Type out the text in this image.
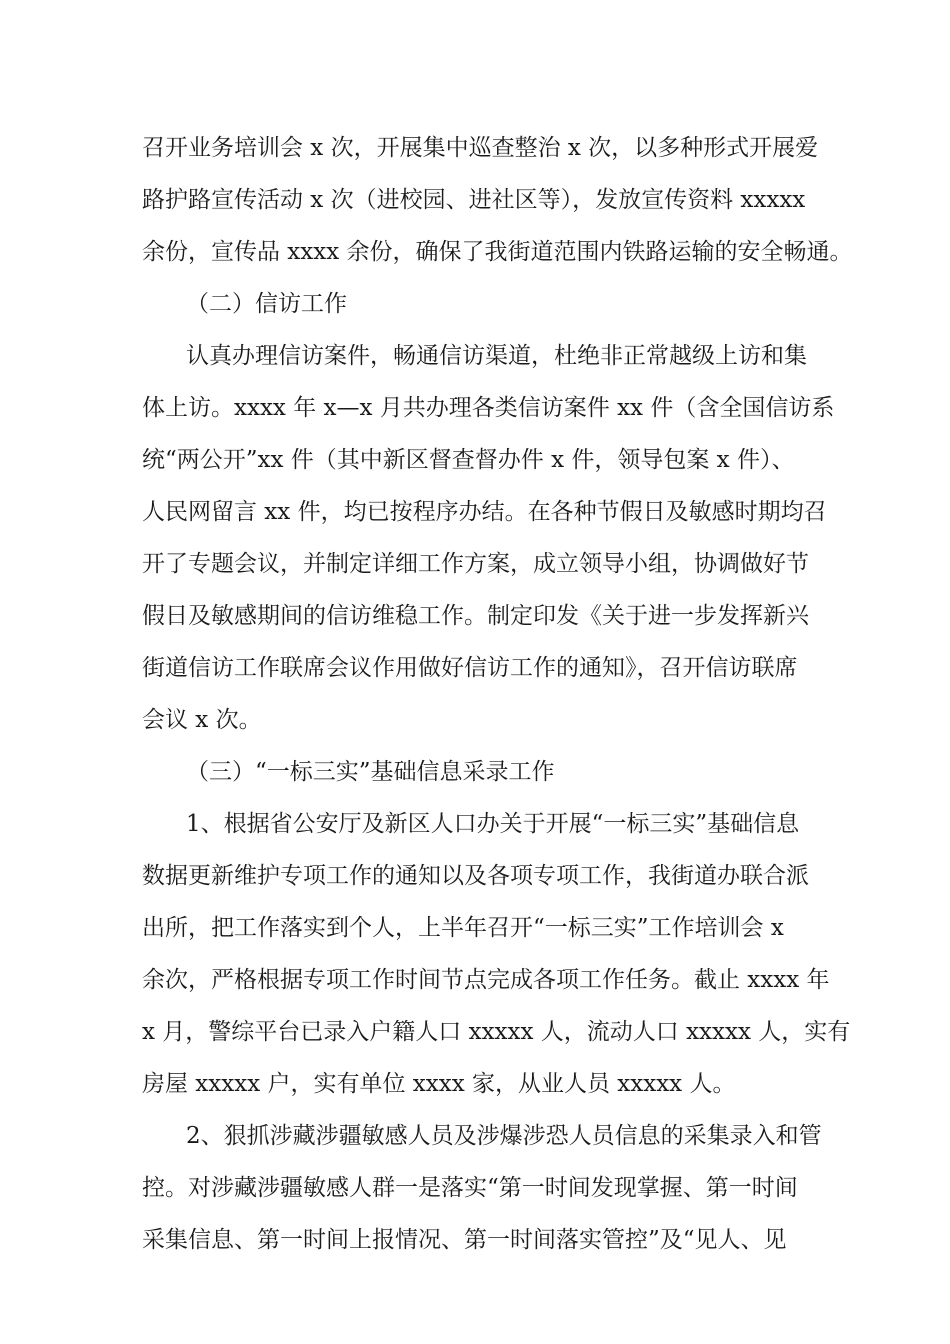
召开业务培训会 x 次，开展集中巡查整治 x 次，以多种形式开展爱
路护路宣传活动 x 次（进校园、进社区等），发放宣传资料 xxxxx
余份，宣传品 xxxx 余份，确保了我街道范围内铁路运输的安全畅通。
（二）信访工作
认真办理信访案件，畅通信访渠道，杜绝非正常越级上访和集
体上访。xxxx 年 x—x 月共办理各类信访案件 xx 件（含全国信访系
统“两公开”xx 件（其中新区督查督办件 x 件，领导包案 x 件）、
人民网留言 xx 件，均已按程序办结。在各种节假日及敏感时期均召
开了专题会议，并制定详细工作方案，成立领导小组，协调做好节
假日及敏感期间的信访维稳工作。制定印发《关于进一步发挥新兴
街道信访工作联席会议作用做好信访工作的通知》，召开信访联席
会议 x 次。
（三）“一标三实”基础信息采录工作
1、根据省公安厅及新区人口办关于开展“一标三实”基础信息
数据更新维护专项工作的通知以及各项专项工作，我街道办联合派
出所，把工作落实到个人，上半年召开“一标三实”工作培训会 x
余次，严格根据专项工作时间节点完成各项工作任务。截止 xxxx 年
x 月，警综平台已录入户籍人口 xxxxx 人，流动人口 xxxxx 人，实有
房屋 xxxxx 户，实有单位 xxxx 家，从业人员 xxxxx 人。
2、狠抓涉藏涉疆敏感人员及涉爆涉恐人员信息的采集录入和管
控。对涉藏涉疆敏感人群一是落实“第一时间发现掌握、第一时间
采集信息、第一时间上报情况、第一时间落实管控”及“见人、见
